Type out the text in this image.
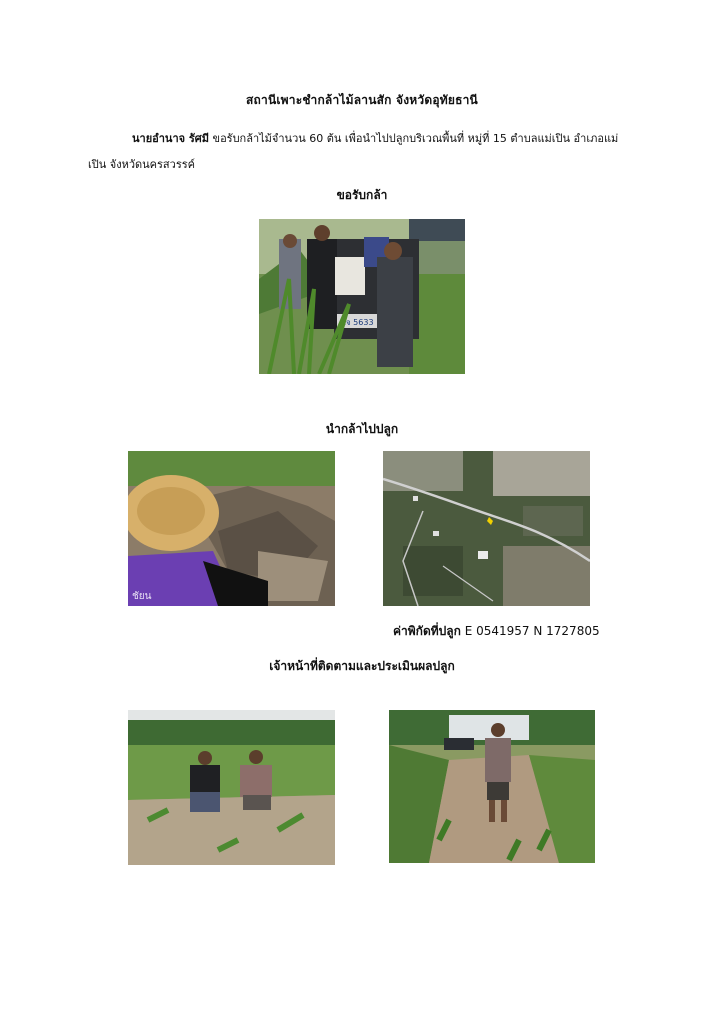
สถานีเพาะชำกล้าไม้ลานสัก จังหวัดอุทัยธานี
นายอำนาจ รัศมี ขอรับกล้าไม้จำนวน 60 ต้น เพื่อนำไปปลูกบริเวณพื้นที่ หมู่ที่ 15 ตำบลแม่เปิน อำเภอแม่เปิน จังหวัดนครสวรรค์
ขอรับกล้า
ฆจ 5633
นำกล้าไปปลูก
ชัยน
ค่าพิกัดที่ปลูก E 0541957 N 1727805
เจ้าหน้าที่ติดตามและประเมินผลปลูก
